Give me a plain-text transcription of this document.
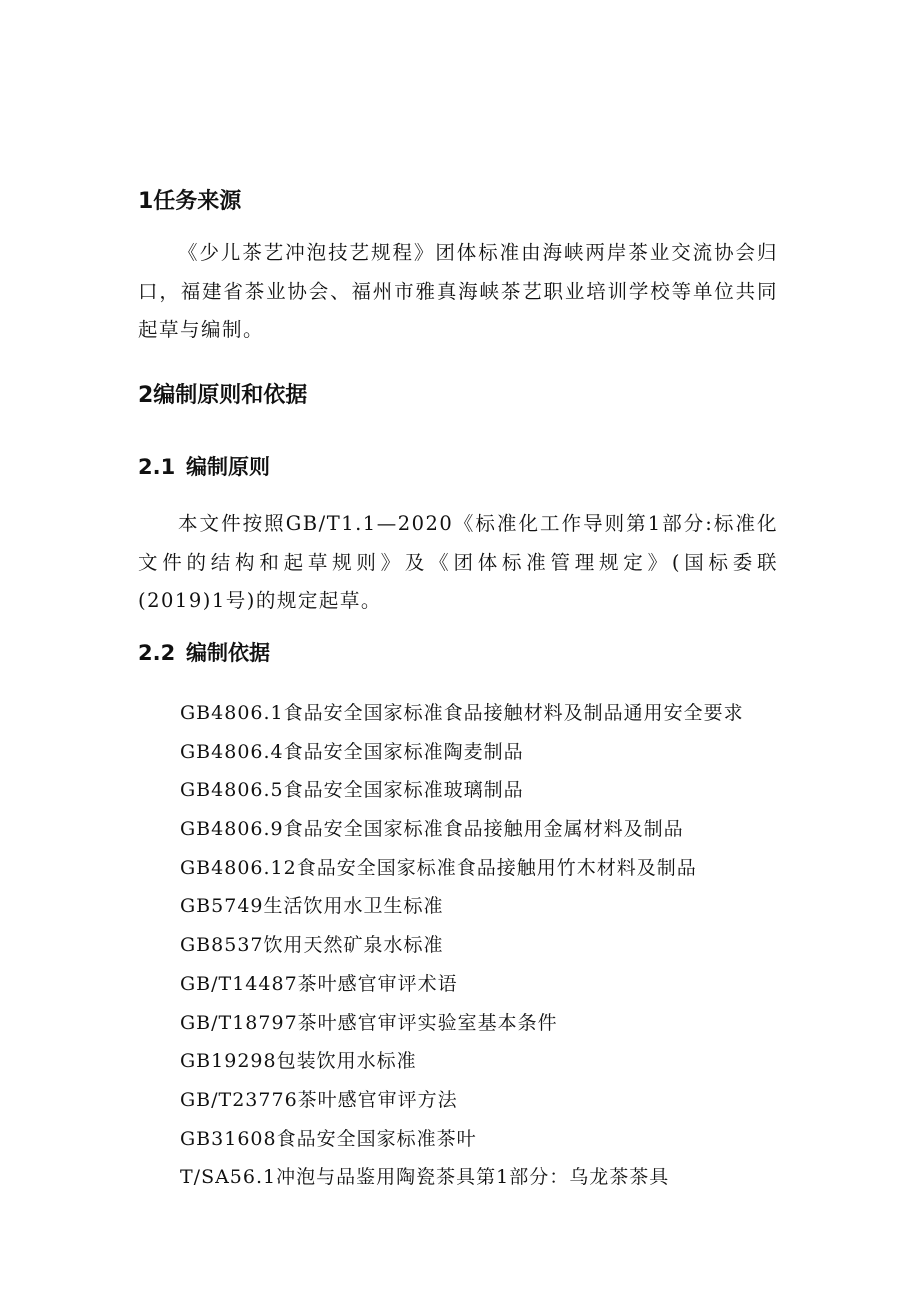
1任务来源

《少儿茶艺冲泡技艺规程》团体标准由海峡两岸茶业交流协会归口，福建省茶业协会、福州市雅真海峡茶艺职业培训学校等单位共同起草与编制。

2编制原则和依据
2.1 编制原则

本文件按照GB/T1.1—2020《标准化工作导则第1部分:标准化文件的结构和起草规则》及《团体标准管理规定》(国标委联(2019)1号)的规定起草。

2.2 编制依据
GB4806.1食品安全国家标准食品接触材料及制品通用安全要求
GB4806.4食品安全国家标准陶麦制品
GB4806.5食品安全国家标准玻璃制品
GB4806.9食品安全国家标准食品接触用金属材料及制品
GB4806.12食品安全国家标准食品接触用竹木材料及制品
GB5749生活饮用水卫生标准
GB8537饮用天然矿泉水标准
GB/T14487茶叶感官审评术语
GB/T18797茶叶感官审评实验室基本条件
GB19298包装饮用水标准
GB/T23776茶叶感官审评方法
GB31608食品安全国家标准茶叶
T/SA56.1冲泡与品鉴用陶瓷茶具第1部分：乌龙茶茶具
